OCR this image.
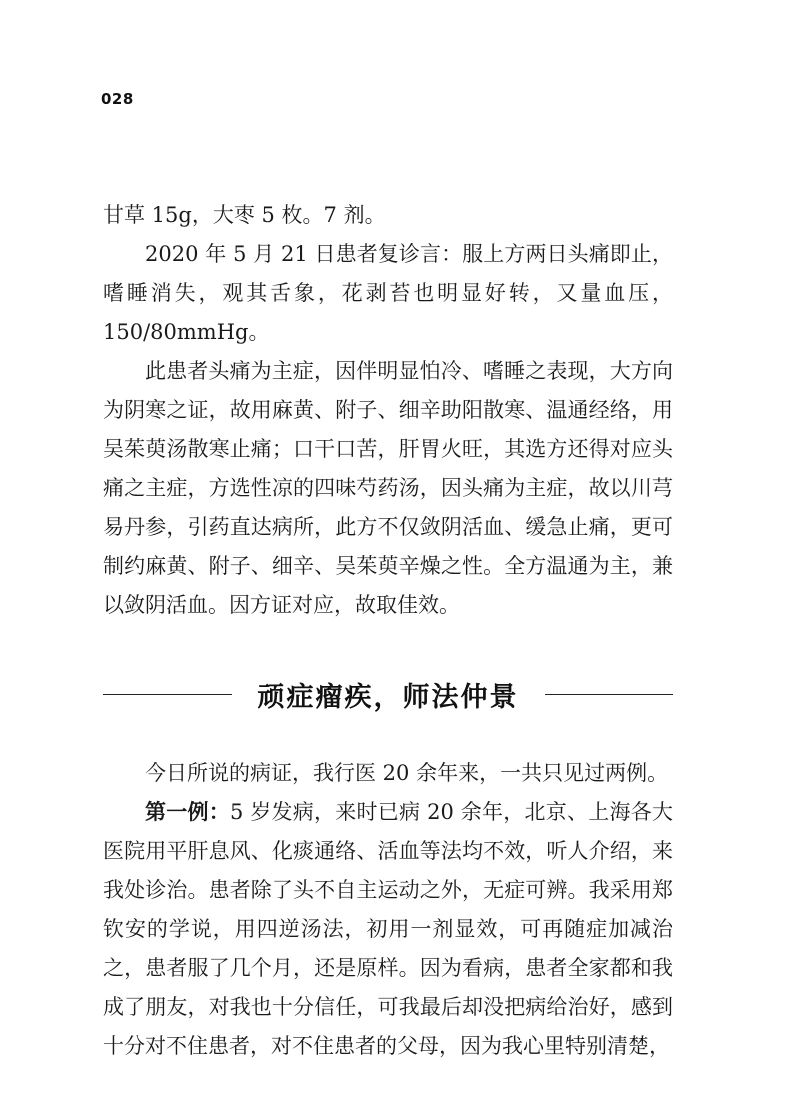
028

甘草 15g，大枣 5 枚。7 剂。

2020 年 5 月 21 日患者复诊言：服上方两日头痛即止，嗜睡消失，观其舌象，花剥苔也明显好转，又量血压，150/80mmHg。

此患者头痛为主症，因伴明显怕冷、嗜睡之表现，大方向为阴寒之证，故用麻黄、附子、细辛助阳散寒、温通经络，用吴茱萸汤散寒止痛；口干口苦，肝胃火旺，其选方还得对应头痛之主症，方选性凉的四味芍药汤，因头痛为主症，故以川芎易丹参，引药直达病所，此方不仅敛阴活血、缓急止痛，更可制约麻黄、附子、细辛、吴茱萸辛燥之性。全方温通为主，兼以敛阴活血。因方证对应，故取佳效。

顽症瘤疾，师法仲景

今日所说的病证，我行医 20 余年来，一共只见过两例。

第一例：5 岁发病，来时已病 20 余年，北京、上海各大医院用平肝息风、化痰通络、活血等法均不效，听人介绍，来我处诊治。患者除了头不自主运动之外，无症可辨。我采用郑钦安的学说，用四逆汤法，初用一剂显效，可再随症加减治之，患者服了几个月，还是原样。因为看病，患者全家都和我成了朋友，对我也十分信任，可我最后却没把病给治好，感到十分对不住患者，对不住患者的父母，因为我心里特别清楚，
